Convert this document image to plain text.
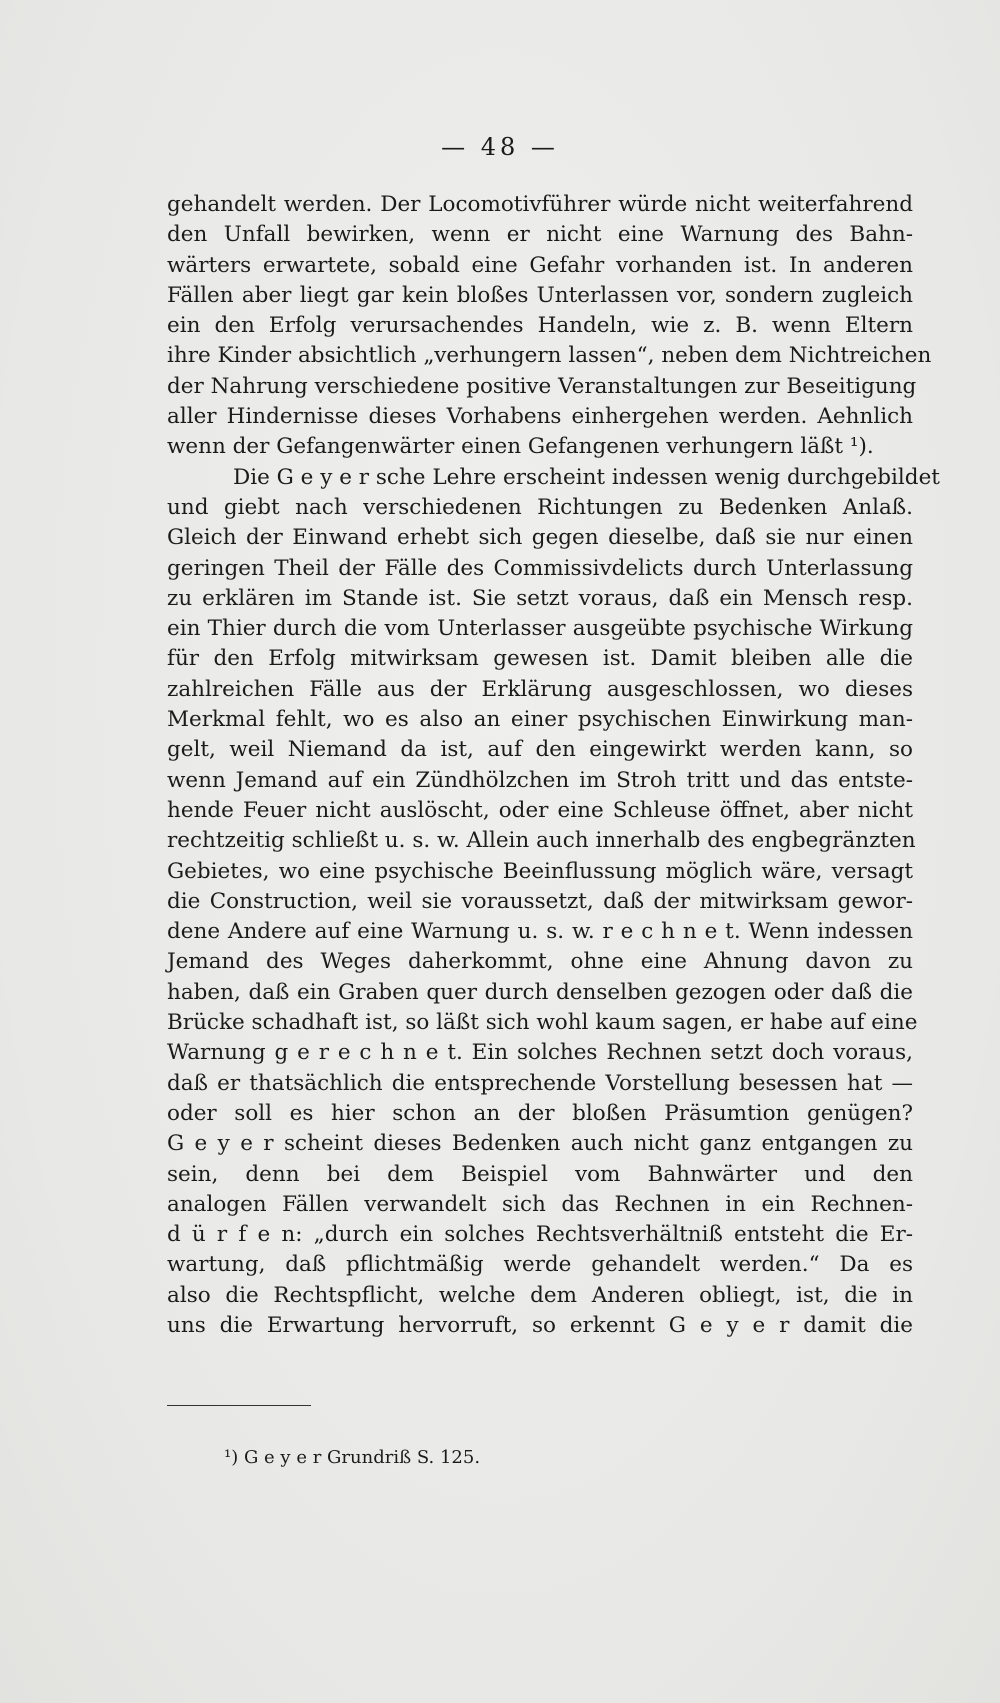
— 48 —
gehandelt werden. Der Locomotivführer würde nicht weiterfahrend
den Unfall bewirken, wenn er nicht eine Warnung des Bahn-
wärters erwartete, sobald eine Gefahr vorhanden ist. In anderen
Fällen aber liegt gar kein bloßes Unterlassen vor, sondern zugleich
ein den Erfolg verursachendes Handeln, wie z. B. wenn Eltern
ihre Kinder absichtlich „verhungern lassen“, neben dem Nichtreichen
der Nahrung verschiedene positive Veranstaltungen zur Beseitigung
aller Hindernisse dieses Vorhabens einhergehen werden. Aehnlich
wenn der Gefangenwärter einen Gefangenen verhungern läßt ¹).
Die G e y e r sche Lehre erscheint indessen wenig durchgebildet
und giebt nach verschiedenen Richtungen zu Bedenken Anlaß.
Gleich der Einwand erhebt sich gegen dieselbe, daß sie nur einen
geringen Theil der Fälle des Commissivdelicts durch Unterlassung
zu erklären im Stande ist. Sie setzt voraus, daß ein Mensch resp.
ein Thier durch die vom Unterlasser ausgeübte psychische Wirkung
für den Erfolg mitwirksam gewesen ist. Damit bleiben alle die
zahlreichen Fälle aus der Erklärung ausgeschlossen, wo dieses
Merkmal fehlt, wo es also an einer psychischen Einwirkung man-
gelt, weil Niemand da ist, auf den eingewirkt werden kann, so
wenn Jemand auf ein Zündhölzchen im Stroh tritt und das entste-
hende Feuer nicht auslöscht, oder eine Schleuse öffnet, aber nicht
rechtzeitig schließt u. s. w. Allein auch innerhalb des engbegränzten
Gebietes, wo eine psychische Beeinflussung möglich wäre, versagt
die Construction, weil sie voraussetzt, daß der mitwirksam gewor-
dene Andere auf eine Warnung u. s. w. r e c h n e t. Wenn indessen
Jemand des Weges daherkommt, ohne eine Ahnung davon zu
haben, daß ein Graben quer durch denselben gezogen oder daß die
Brücke schadhaft ist, so läßt sich wohl kaum sagen, er habe auf eine
Warnung g e r e c h n e t. Ein solches Rechnen setzt doch voraus,
daß er thatsächlich die entsprechende Vorstellung besessen hat —
oder soll es hier schon an der bloßen Präsumtion genügen?
G e y e r scheint dieses Bedenken auch nicht ganz entgangen zu
sein, denn bei dem Beispiel vom Bahnwärter und den
analogen Fällen verwandelt sich das Rechnen in ein Rechnen-
d ü r f e n: „durch ein solches Rechtsverhältniß entsteht die Er-
wartung, daß pflichtmäßig werde gehandelt werden.“ Da es
also die Rechtspflicht, welche dem Anderen obliegt, ist, die in
uns die Erwartung hervorruft, so erkennt G e y e r damit die
¹) G e y e r Grundriß S. 125.
